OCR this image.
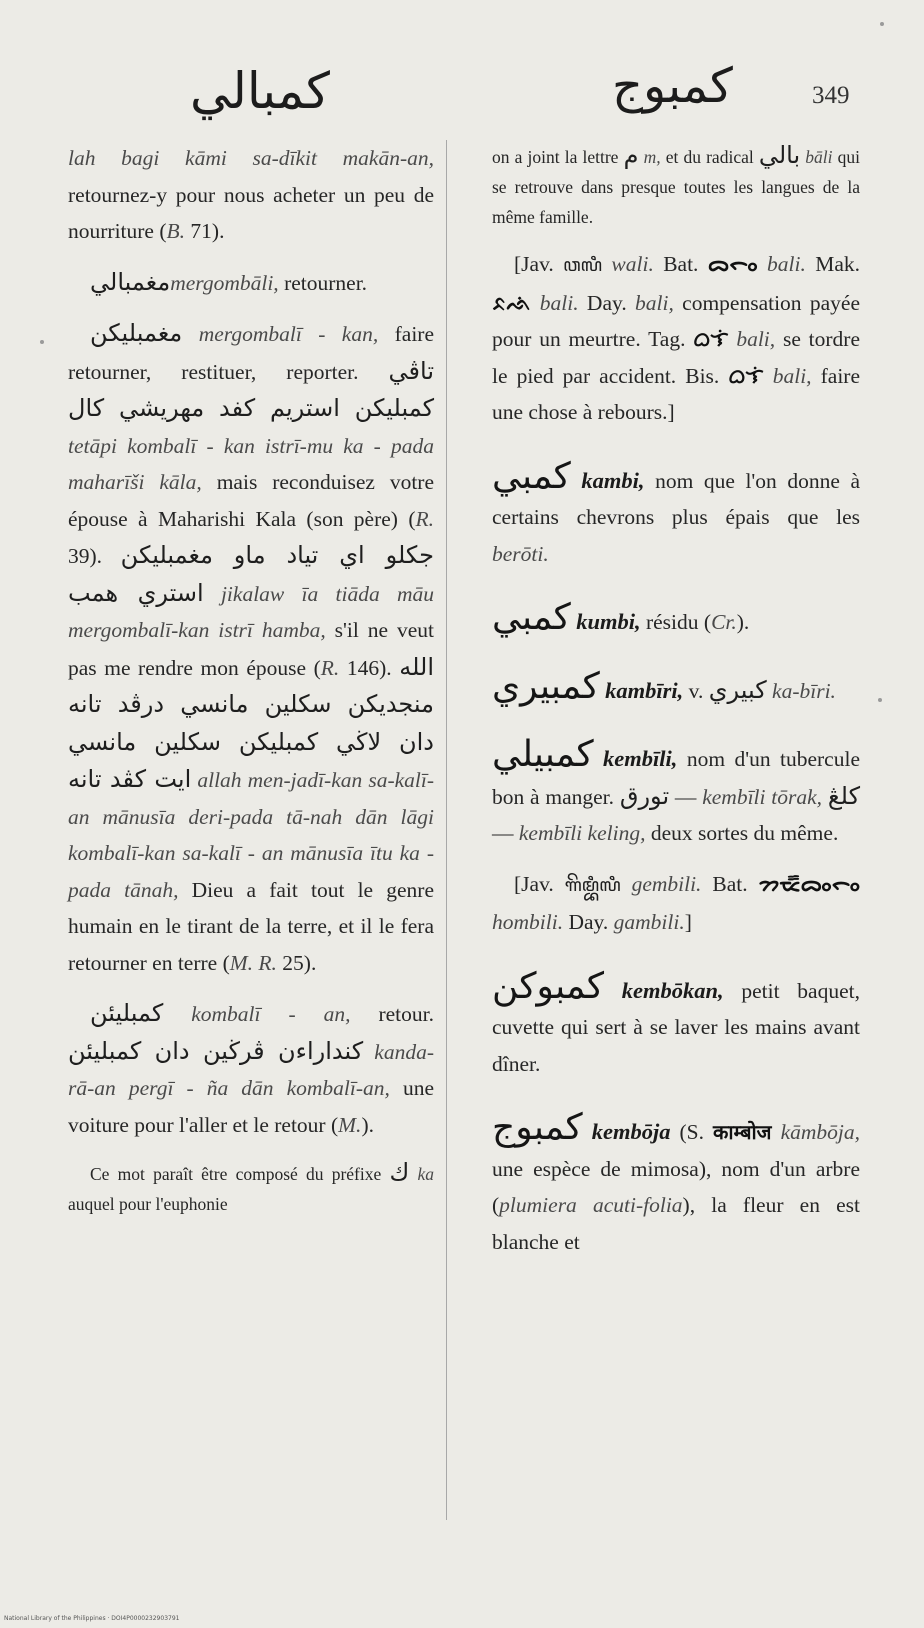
كمبالي	كمبوج	349

lah bagi kāmi sa-dīkit makān-an, retournez-y pour nous acheter un peu de nourriture (B. 71).

مغمباليmergombāli, retourner.

مغمبليكن mergombalī - kan, faire retourner, restituer, reporter. تاڤي كمبليكن استريم كفد مهريشي كال tetāpi kombalī - kan istrī-mu ka - pada maharīši kāla, mais reconduisez votre épouse à Maharishi Kala (son père) (R. 39). جكلو اي تياد ماو مغمبليكن استري همب jikalaw īa tiāda māu mergombalī-kan istrī hamba, s'il ne veut pas me rendre mon épouse (R. 146). الله منجديكن سكلين مانسي درڤد تانه دان لاڬي كمبليكن سكلين مانسي ايت كڤد تانه allah men-jadī-kan sa-kalī-an mānusīa deri-pada tā-nah dān lāgi kombalī-kan sa-kalī - an mānusīa ītu ka - pada tānah, Dieu a fait tout le genre humain en le tirant de la terre, et il le fera retourner en terre (M. R. 25).

كمبليئن kombalī - an, retour. كنداراءن ڤرڬين دان كمبليئن kanda-rā-an pergī - ña dān kombalī-an, une voiture pour l'aller et le retour (M.).

Ce mot paraît être composé du préfixe ك ka auquel pour l'euphonie

on a joint la lettre م m, et du radical بالي bāli qui se retrouve dans presque toutes les langues de la même famille.

[Jav. ꦮꦭꦶ wali. Bat. ᯅᯞᯪ bali. Mak. ᨅᨒᨗ bali. Day. bali, compensation payée pour un meurtre. Tag. ᜊᜎᜒ bali, se tordre le pied par accident. Bis. ᜊᜎᜒ bali, faire une chose à rebours.]

كمبي kambi, nom que l'on donne à certains chevrons plus épais que les berōti.

كمبي kumbi, résidu (Cr.).

كمبيري kambīri, v. كبيري ka-bīri.

كمبيلي kembīli, nom d'un tubercule bon à manger. تورق — kembīli tōrak, كلڠ — kembīli keling, deux sortes du même.

[Jav. ꦒꦼꦩ꧀ꦧꦶꦭꦶ gembili. Bat. ᯂᯔ᯦ᯱᯅᯪᯞᯪ hombili. Day. gambili.]

كمبوكن kembōkan, petit baquet, cuvette qui sert à se laver les mains avant dîner.

كمبوج kembōja (S. काम्बोज kāmbōja, une espèce de mimosa), nom d'un arbre (plumiera acuti-folia), la fleur en est blanche et

National Library of the Philippines · DOI4P0000232903791
